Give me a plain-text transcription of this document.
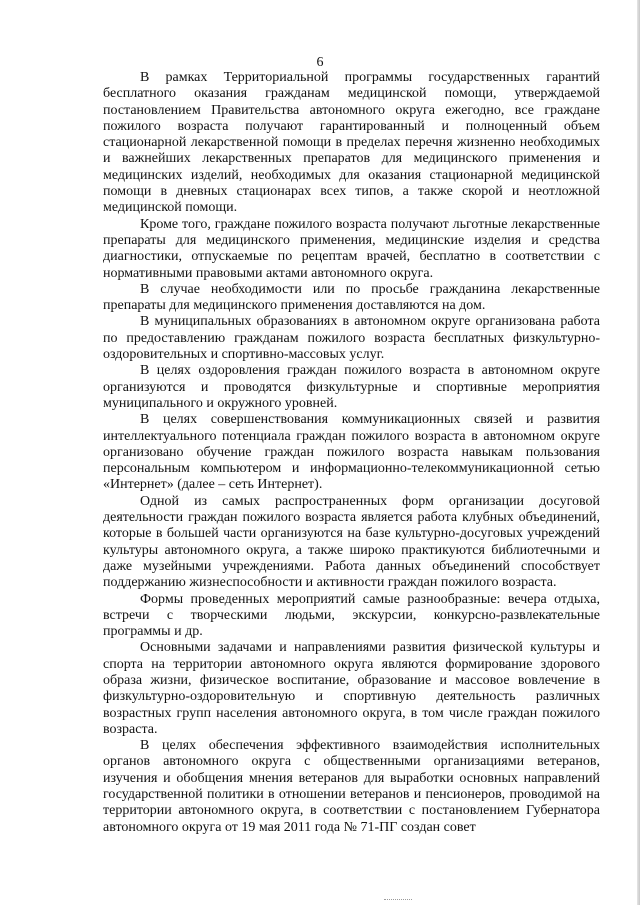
6

В рамках Территориальной программы государственных гарантий бесплатного оказания гражданам медицинской помощи, утверждаемой постановлением Правительства автономного округа ежегодно, все граждане пожилого возраста получают гарантированный и полноценный объем стационарной лекарственной помощи в пределах перечня жизненно необходимых и важнейших лекарственных препаратов для медицинского применения и медицинских изделий, необходимых для оказания стационарной медицинской помощи в дневных стационарах всех типов, а также скорой и неотложной медицинской помощи.

Кроме того, граждане пожилого возраста получают льготные лекарственные препараты для медицинского применения, медицинские изделия и средства диагностики, отпускаемые по рецептам врачей, бесплатно в соответствии с нормативными правовыми актами автономного округа.

В случае необходимости или по просьбе гражданина лекарственные препараты для медицинского применения доставляются на дом.

В муниципальных образованиях в автономном округе организована работа по предоставлению гражданам пожилого возраста бесплатных физкультурно-оздоровительных и спортивно-массовых услуг.

В целях оздоровления граждан пожилого возраста в автономном округе организуются и проводятся физкультурные и спортивные мероприятия муниципального и окружного уровней.

В целях совершенствования коммуникационных связей и развития интеллектуального потенциала граждан пожилого возраста в автономном округе организовано обучение граждан пожилого возраста навыкам пользования персональным компьютером и информационно-телекоммуникационной сетью «Интернет» (далее – сеть Интернет).

Одной из самых распространенных форм организации досуговой деятельности граждан пожилого возраста является работа клубных объединений, которые в большей части организуются на базе культурно-досуговых учреждений культуры автономного округа, а также широко практикуются библиотечными и даже музейными учреждениями. Работа данных объединений способствует поддержанию жизнеспособности и активности граждан пожилого возраста.

Формы проведенных мероприятий самые разнообразные: вечера отдыха, встречи с творческими людьми, экскурсии, конкурсно-развлекательные программы и др.

Основными задачами и направлениями развития физической культуры и спорта на территории автономного округа являются формирование здорового образа жизни, физическое воспитание, образование и массовое вовлечение в физкультурно-оздоровительную и спортивную деятельность различных возрастных групп населения автономного округа, в том числе граждан пожилого возраста.

В целях обеспечения эффективного взаимодействия исполнительных органов автономного округа с общественными организациями ветеранов, изучения и обобщения мнения ветеранов для выработки основных направлений государственной политики в отношении ветеранов и пенсионеров, проводимой на территории автономного округа, в соответствии с постановлением Губернатора автономного округа от 19 мая 2011 года № 71-ПГ создан совет
